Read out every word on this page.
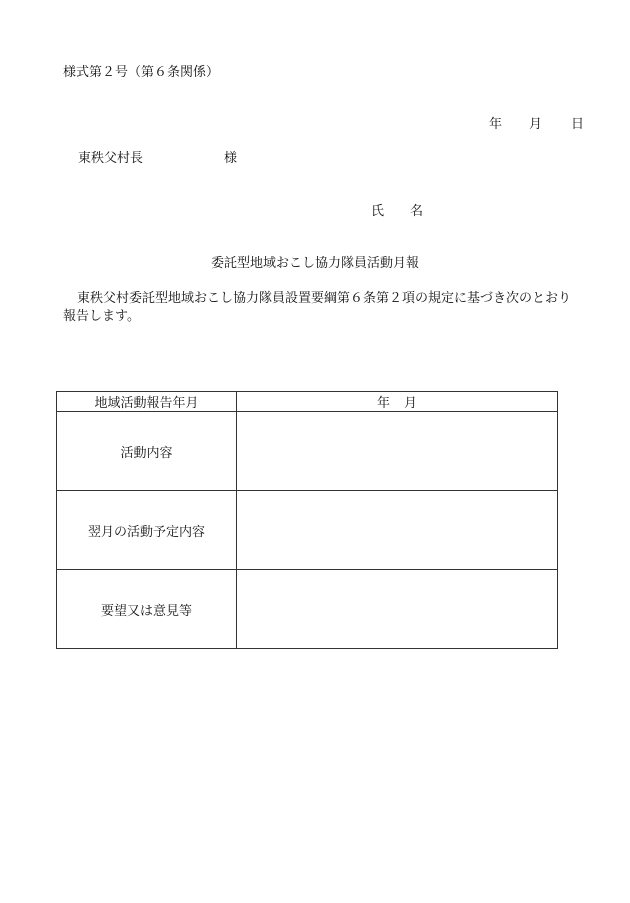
様式第２号（第６条関係）
年 月 日
東秩父村長	様
氏 名
委託型地域おこし協力隊員活動月報
東秩父村委託型地域おこし協力隊員設置要綱第６条第２項の規定に基づき次のとおり報告します。
地域活動報告年月	年 月
活動内容	
翌月の活動予定内容	
要望又は意見等	
